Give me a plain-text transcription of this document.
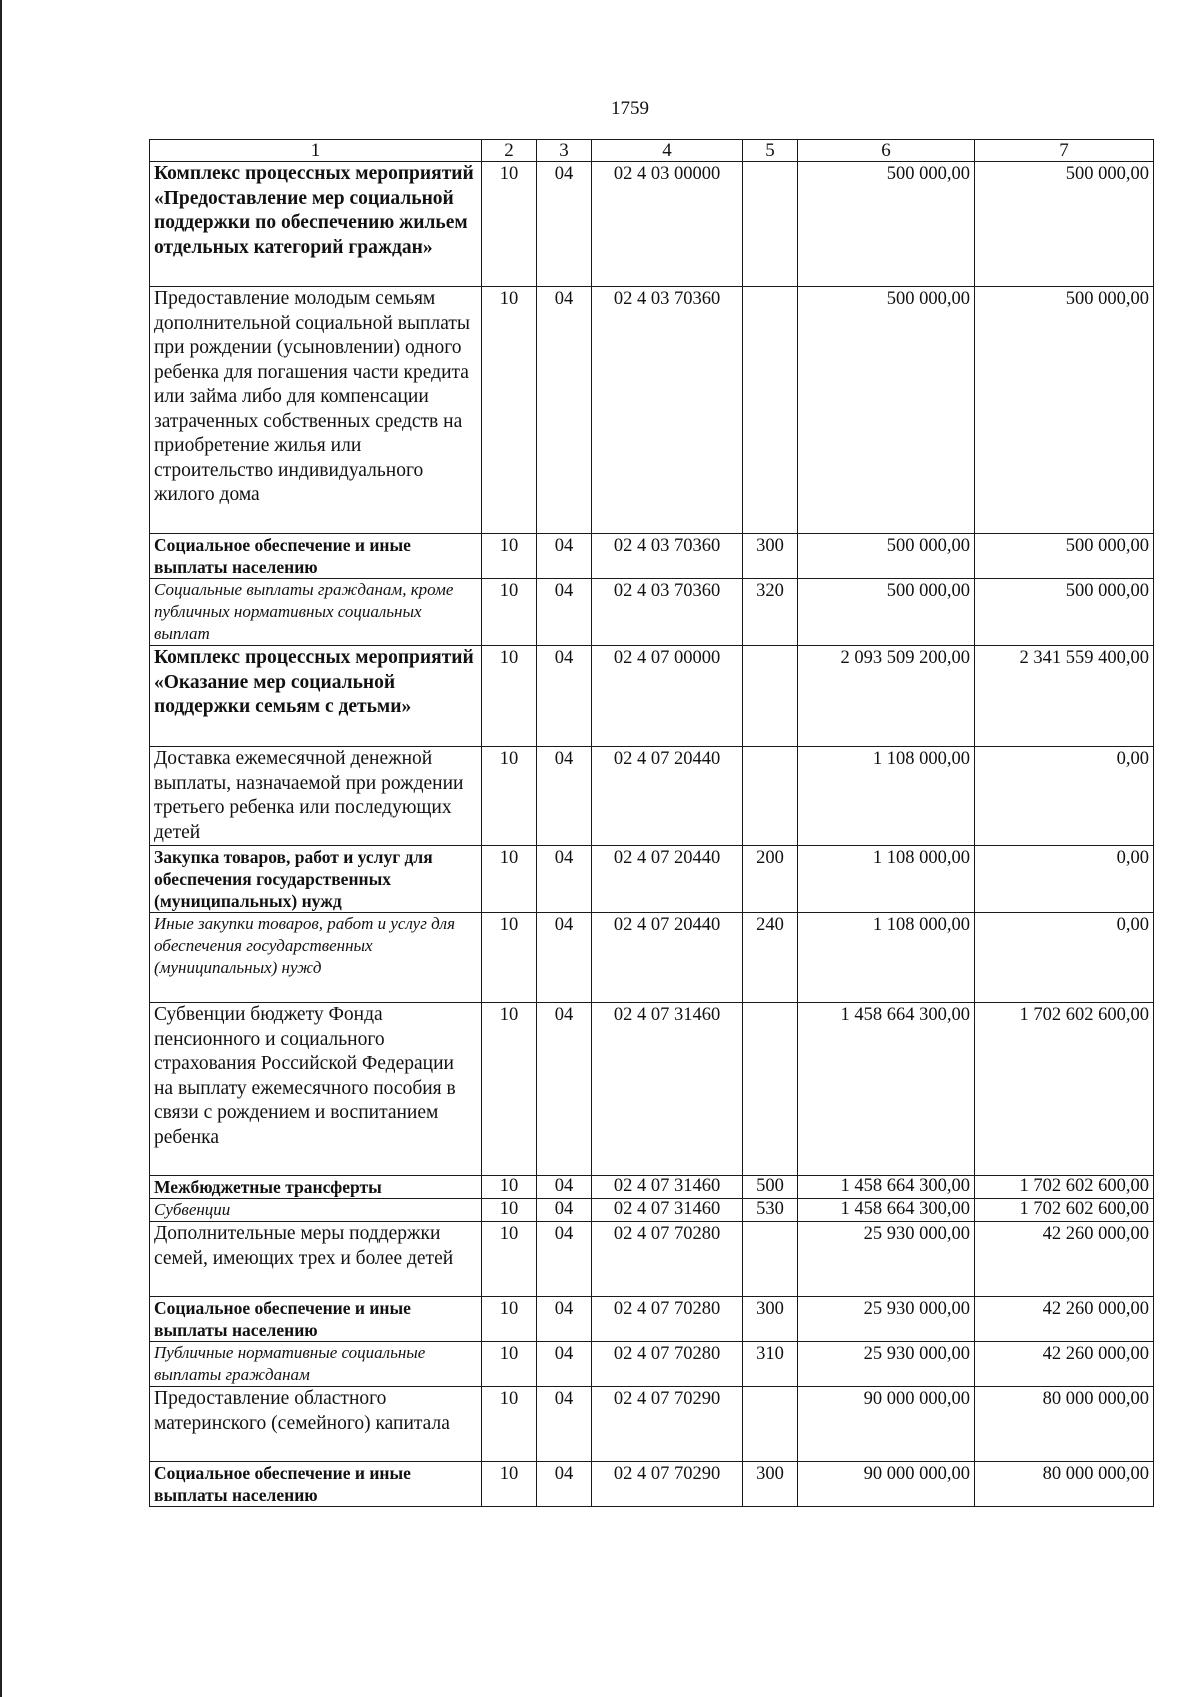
1759
1	2	3	4	5	6	7
Комплекс процессных мероприятий «Предоставление мер социальной поддержки по обеспечению жильем отдельных категорий граждан»	10	04	02 4 03 00000		500 000,00	500 000,00
Предоставление молодым семьям дополнительной социальной выплаты при рождении (усыновлении) одного ребенка для погашения части кредита или займа либо для компенсации затраченных собственных средств на приобретение жилья или строительство индивидуального жилого дома	10	04	02 4 03 70360		500 000,00	500 000,00
Социальное обеспечение и иные выплаты населению	10	04	02 4 03 70360	300	500 000,00	500 000,00
Социальные выплаты гражданам, кроме публичных нормативных социальных выплат	10	04	02 4 03 70360	320	500 000,00	500 000,00
Комплекс процессных мероприятий «Оказание мер социальной поддержки семьям с детьми»	10	04	02 4 07 00000		2 093 509 200,00	2 341 559 400,00
Доставка ежемесячной денежной выплаты, назначаемой при рождении третьего ребенка или последующих детей	10	04	02 4 07 20440		1 108 000,00	0,00
Закупка товаров, работ и услуг для обеспечения государственных (муниципальных) нужд	10	04	02 4 07 20440	200	1 108 000,00	0,00
Иные закупки товаров, работ и услуг для обеспечения государственных (муниципальных) нужд	10	04	02 4 07 20440	240	1 108 000,00	0,00
Субвенции бюджету Фонда пенсионного и социального страхования Российской Федерации на выплату ежемесячного пособия в связи с рождением и воспитанием ребенка	10	04	02 4 07 31460		1 458 664 300,00	1 702 602 600,00
Межбюджетные трансферты	10	04	02 4 07 31460	500	1 458 664 300,00	1 702 602 600,00
Субвенции	10	04	02 4 07 31460	530	1 458 664 300,00	1 702 602 600,00
Дополнительные меры поддержки семей, имеющих трех и более детей	10	04	02 4 07 70280		25 930 000,00	42 260 000,00
Социальное обеспечение и иные выплаты населению	10	04	02 4 07 70280	300	25 930 000,00	42 260 000,00
Публичные нормативные социальные выплаты гражданам	10	04	02 4 07 70280	310	25 930 000,00	42 260 000,00
Предоставление областного материнского (семейного) капитала	10	04	02 4 07 70290		90 000 000,00	80 000 000,00
Социальное обеспечение и иные выплаты населению	10	04	02 4 07 70290	300	90 000 000,00	80 000 000,00
